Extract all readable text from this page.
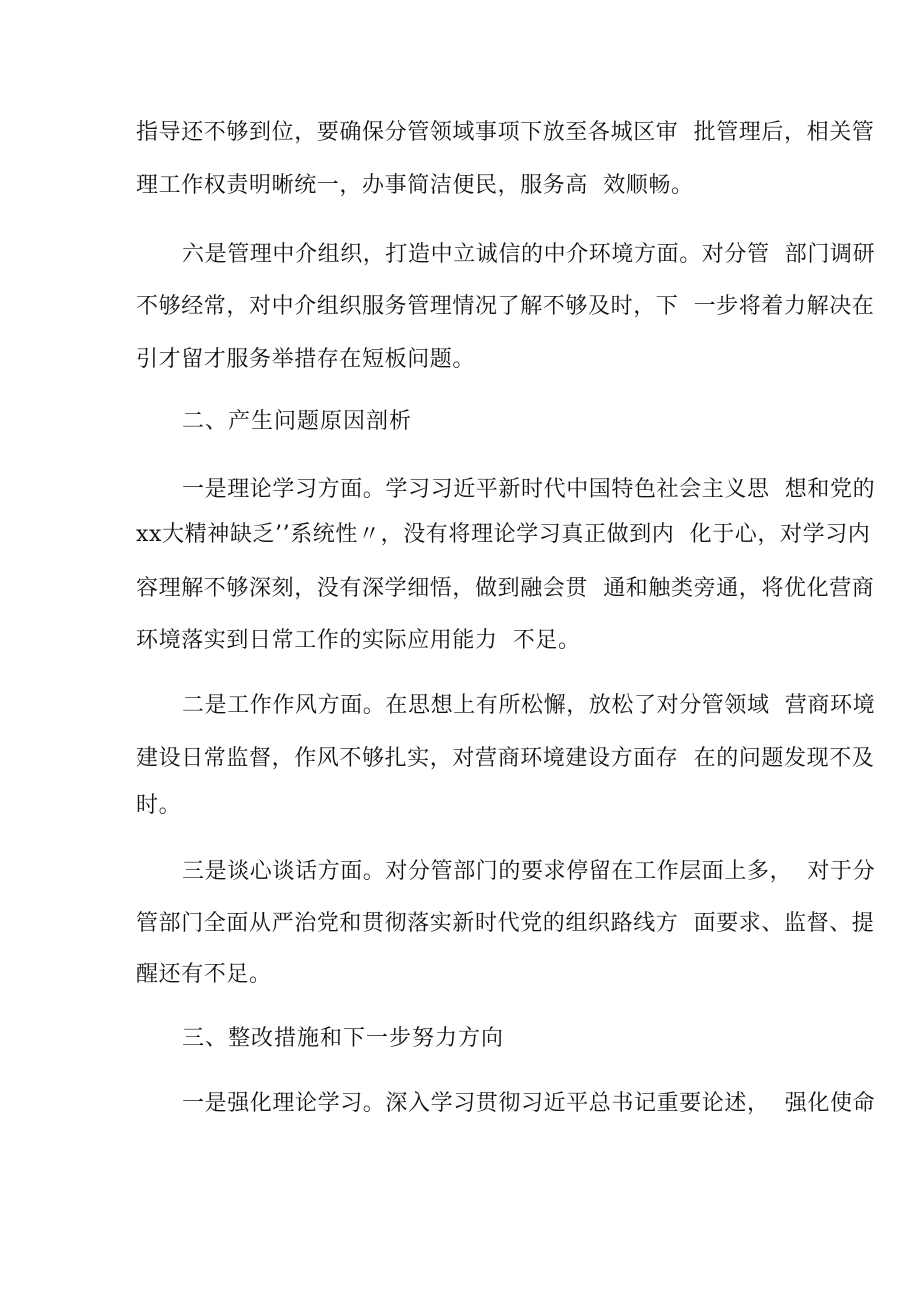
指导还不够到位，要确保分管领域事项下放至各城区审  批管理后，相关管
理工作权责明晰统一，办事简洁便民，服务高  效顺畅。
六是管理中介组织，打造中立诚信的中介环境方面。对分管  部门调研
不够经常，对中介组织服务管理情况了解不够及时，下  一步将着力解决在
引才留才服务举措存在短板问题。
二、产生问题原因剖析
一是理论学习方面。学习习近平新时代中国特色社会主义思  想和党的
xx大精神缺乏’’系统性〃，没有将理论学习真正做到内  化于心，对学习内
容理解不够深刻，没有深学细悟，做到融会贯  通和触类旁通，将优化营商
环境落实到日常工作的实际应用能力  不足。
二是工作作风方面。在思想上有所松懈，放松了对分管领域  营商环境
建设日常监督，作风不够扎实，对营商环境建设方面存  在的问题发现不及
时。
三是谈心谈话方面。对分管部门的要求停留在工作层面上多，  对于分
管部门全面从严治党和贯彻落实新时代党的组织路线方  面要求、监督、提
醒还有不足。
三、整改措施和下一步努力方向
一是强化理论学习。深入学习贯彻习近平总书记重要论述，  强化使命
